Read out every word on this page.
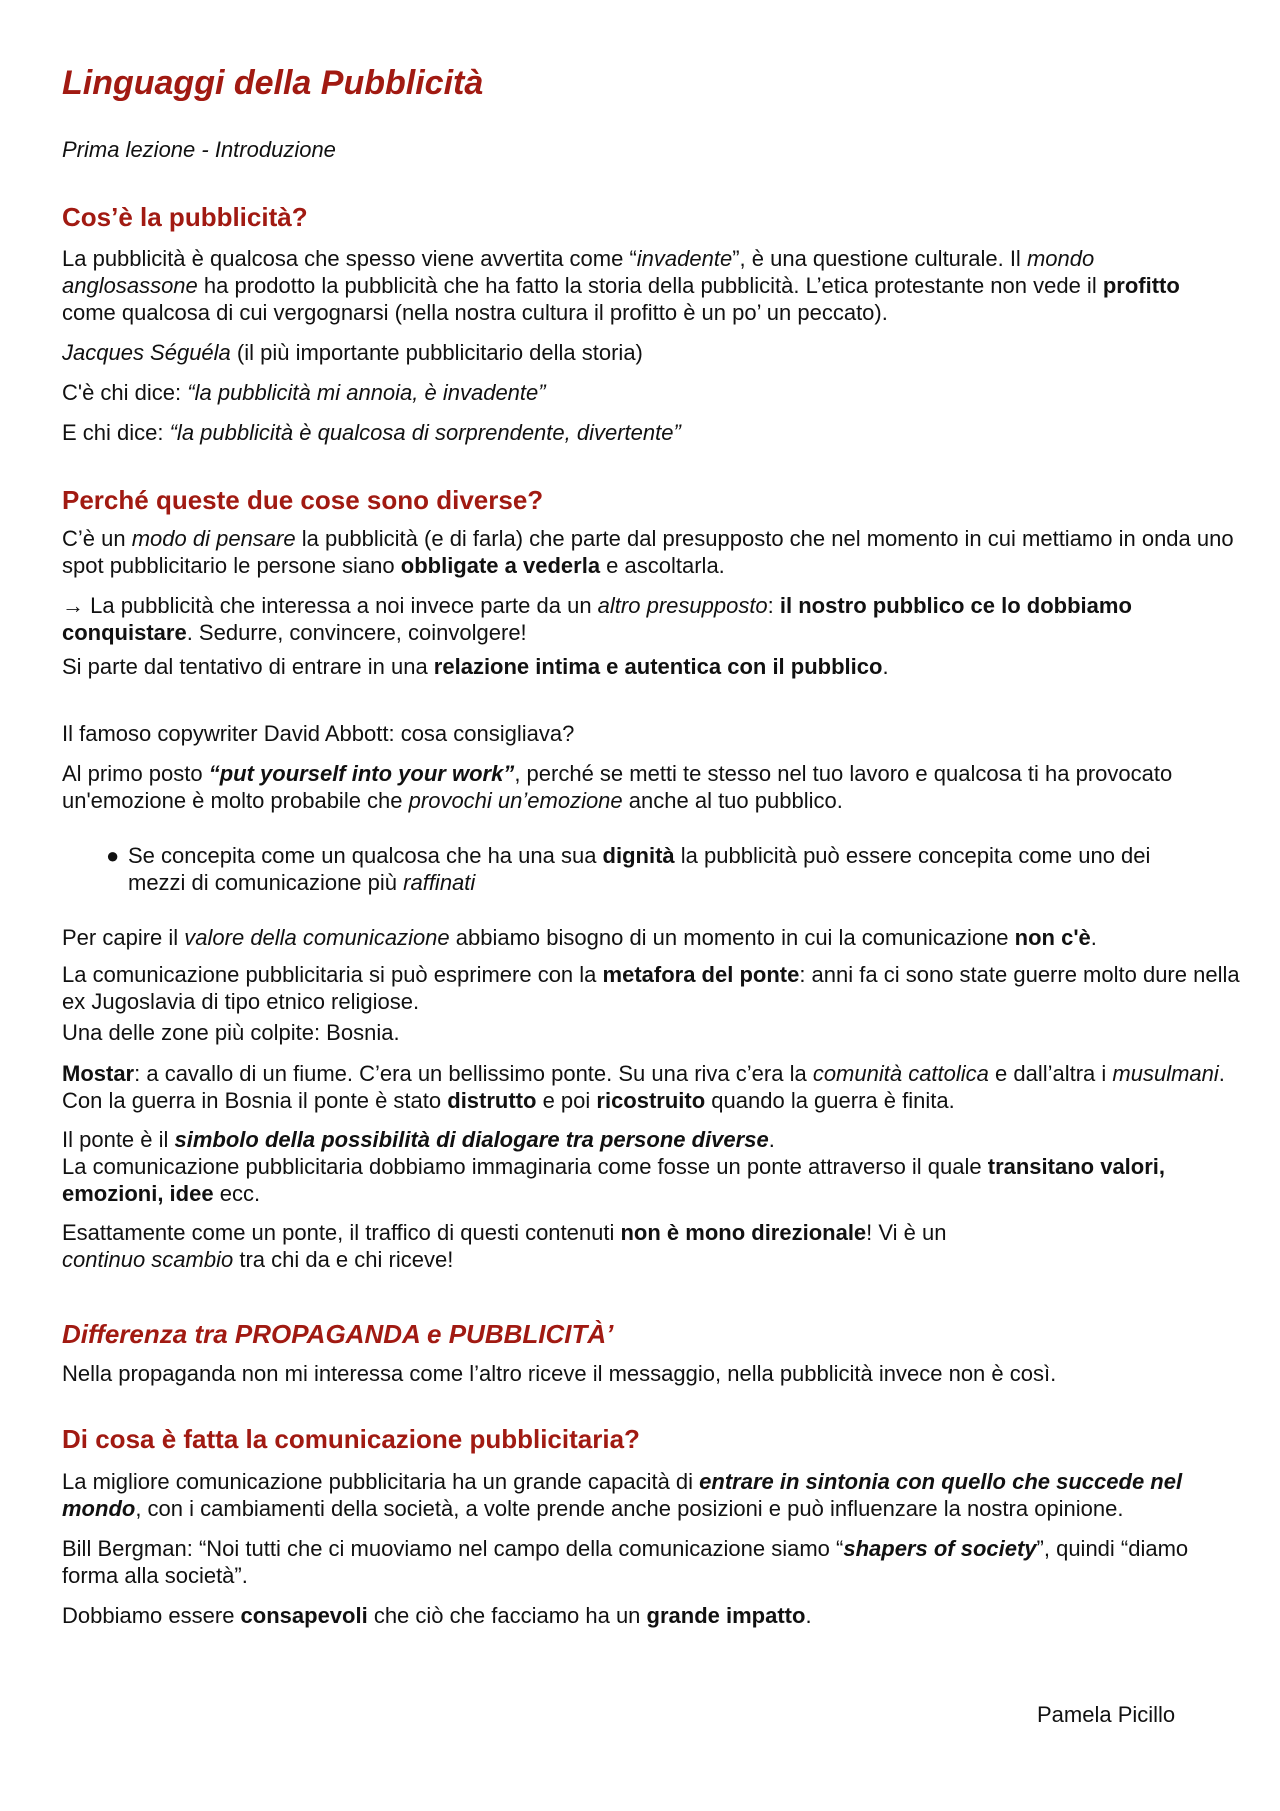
Linguaggi della Pubblicità
Prima lezione - Introduzione
Cos’è la pubblicità?

La pubblicità è qualcosa che spesso viene avvertita come “invadente”, è una questione culturale. Il mondo anglosassone ha prodotto la pubblicità che ha fatto la storia della pubblicità. L’etica protestante non vede il profitto come qualcosa di cui vergognarsi (nella nostra cultura il profitto è un po’ un peccato).

Jacques Séguéla (il più importante pubblicitario della storia)

C'è chi dice: “la pubblicità mi annoia, è invadente”

E chi dice: “la pubblicità è qualcosa di sorprendente, divertente”

Perché queste due cose sono diverse?

C’è un modo di pensare la pubblicità (e di farla) che parte dal presupposto che nel momento in cui mettiamo in onda uno spot pubblicitario le persone siano obbligate a vederla e ascoltarla.

→ La pubblicità che interessa a noi invece parte da un altro presupposto: il nostro pubblico ce lo dobbiamo conquistare. Sedurre, convincere, coinvolgere!

Si parte dal tentativo di entrare in una relazione intima e autentica con il pubblico.

Il famoso copywriter David Abbott: cosa consigliava?

Al primo posto “put yourself into your work”, perché se metti te stesso nel tuo lavoro e qualcosa ti ha provocato un'emozione è molto probabile che provochi un’emozione anche al tuo pubblico.

● Se concepita come un qualcosa che ha una sua dignità la pubblicità può essere concepita come uno dei mezzi di comunicazione più raffinati

Per capire il valore della comunicazione abbiamo bisogno di un momento in cui la comunicazione non c'è.

La comunicazione pubblicitaria si può esprimere con la metafora del ponte: anni fa ci sono state guerre molto dure nella ex Jugoslavia di tipo etnico religiose.

Una delle zone più colpite: Bosnia.

Mostar: a cavallo di un fiume. C’era un bellissimo ponte. Su una riva c’era la comunità cattolica e dall’altra i musulmani. Con la guerra in Bosnia il ponte è stato distrutto e poi ricostruito quando la guerra è finita.

Il ponte è il simbolo della possibilità di dialogare tra persone diverse.

La comunicazione pubblicitaria dobbiamo immaginaria come fosse un ponte attraverso il quale transitano valori, emozioni, idee ecc.

Esattamente come un ponte, il traffico di questi contenuti non è mono direzionale! Vi è un continuo scambio tra chi da e chi riceve!

Differenza tra PROPAGANDA e PUBBLICITÀ’

Nella propaganda non mi interessa come l’altro riceve il messaggio, nella pubblicità invece non è così.

Di cosa è fatta la comunicazione pubblicitaria?

La migliore comunicazione pubblicitaria ha un grande capacità di entrare in sintonia con quello che succede nel mondo, con i cambiamenti della società, a volte prende anche posizioni e può influenzare la nostra opinione.

Bill Bergman: “Noi tutti che ci muoviamo nel campo della comunicazione siamo “shapers of society”, quindi “diamo forma alla società”.

Dobbiamo essere consapevoli che ciò che facciamo ha un grande impatto.

Pamela Picillo
